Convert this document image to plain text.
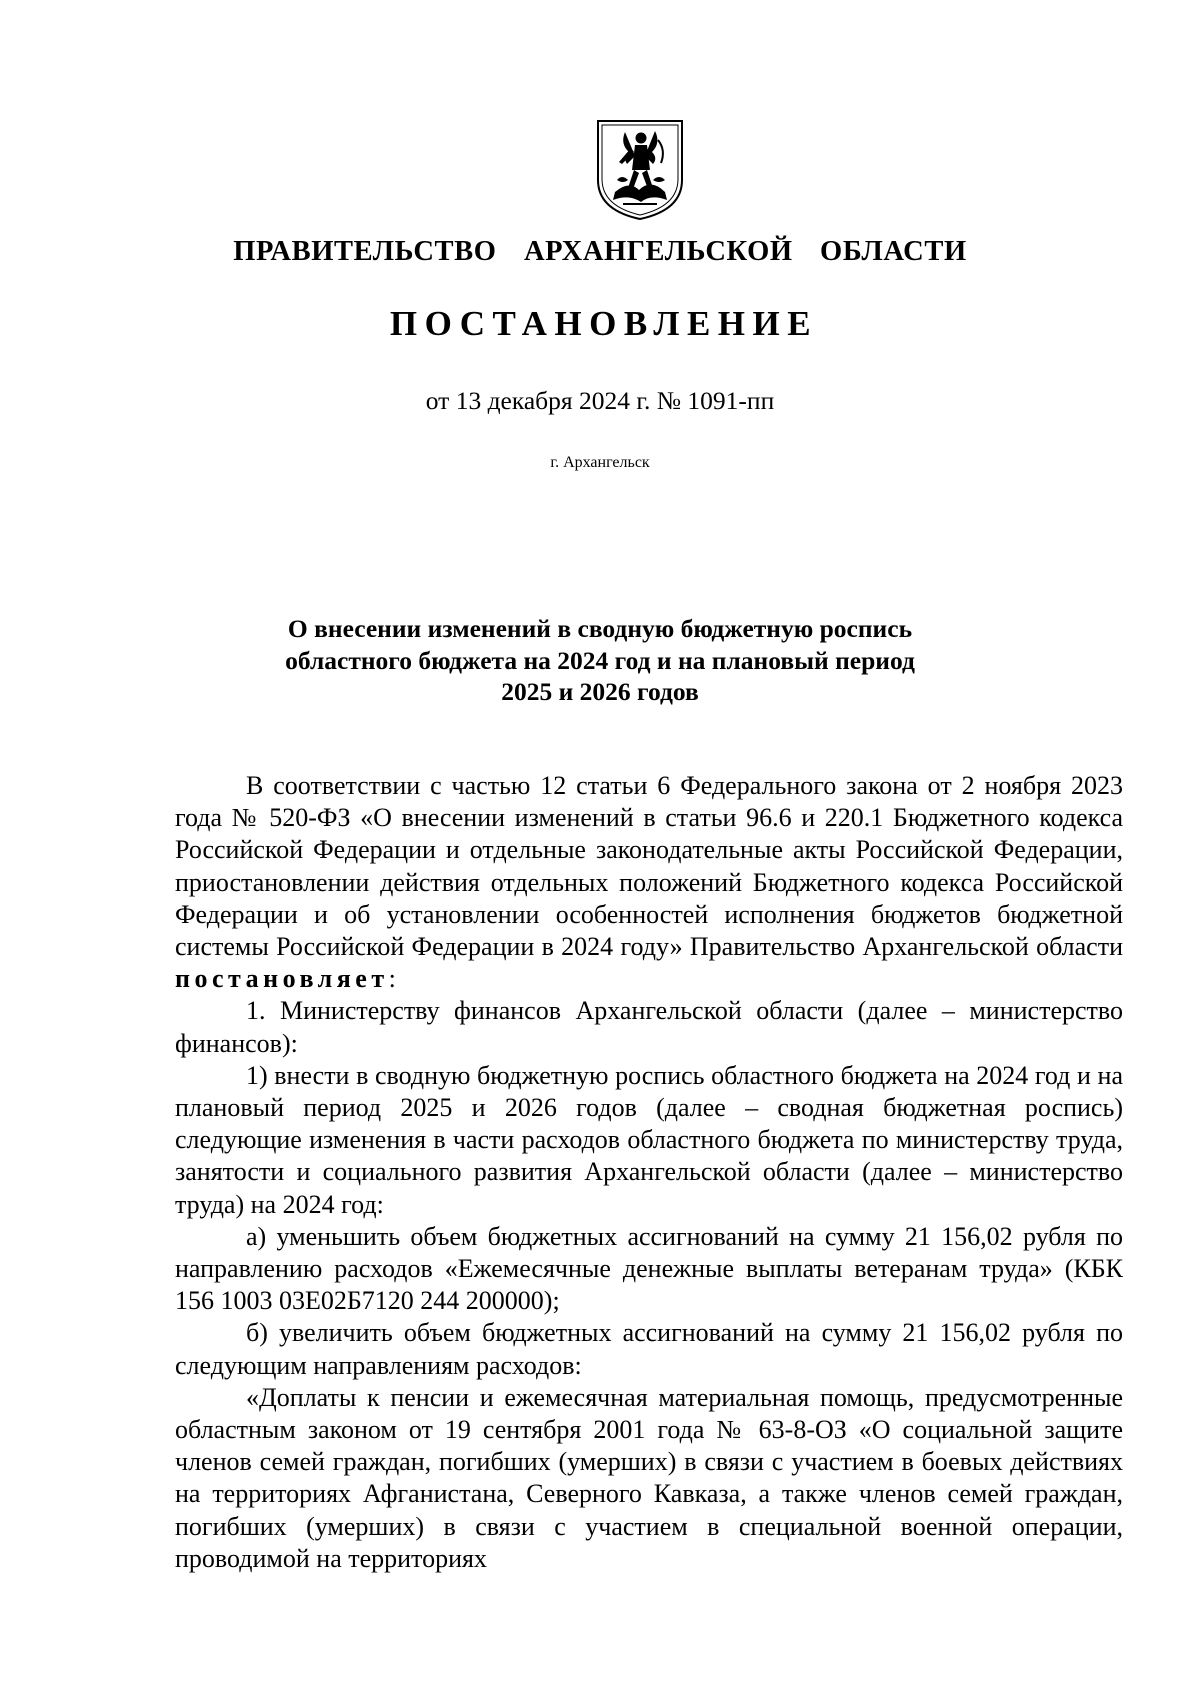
ПРАВИТЕЛЬСТВО  АРХАНГЕЛЬСКОЙ  ОБЛАСТИ
ПОСТАНОВЛЕНИЕ
от 13 декабря 2024 г. № 1091-пп
г. Архангельск
О внесении изменений в сводную бюджетную роспись
областного бюджета на 2024 год и на плановый период
2025 и 2026 годов

В соответствии с частью 12 статьи 6 Федерального закона от 2 ноября 2023 года № 520-ФЗ «О внесении изменений в статьи 96.6 и 220.1 Бюджетного кодекса Российской Федерации и отдельные законодательные акты Российской Федерации, приостановлении действия отдельных положений Бюджетного кодекса Российской Федерации и об установлении особенностей исполнения бюджетов бюджетной системы Российской Федерации в 2024 году» Правительство Архангельской области постановляет:

1. Министерству финансов Архангельской области (далее – министерство финансов):

1) внести в сводную бюджетную роспись областного бюджета на 2024 год и на плановый период 2025 и 2026 годов (далее – сводная бюджетная роспись) следующие изменения в части расходов областного бюджета по министерству труда, занятости и социального развития Архангельской области (далее – министерство труда) на 2024 год:

а) уменьшить объем бюджетных ассигнований на сумму 21 156,02 рубля по направлению расходов «Ежемесячные денежные выплаты ветеранам труда» (КБК 156 1003 03Е02Б7120 244 200000);

б) увеличить объем бюджетных ассигнований на сумму 21 156,02 рубля по следующим направлениям расходов:

«Доплаты к пенсии и ежемесячная материальная помощь, предусмотренные областным законом от 19 сентября 2001 года № 63-8-ОЗ «О социальной защите членов семей граждан, погибших (умерших) в связи с участием в боевых действиях на территориях Афганистана, Северного Кавказа, а также членов семей граждан, погибших (умерших) в связи с участием в специальной военной операции, проводимой на территориях
